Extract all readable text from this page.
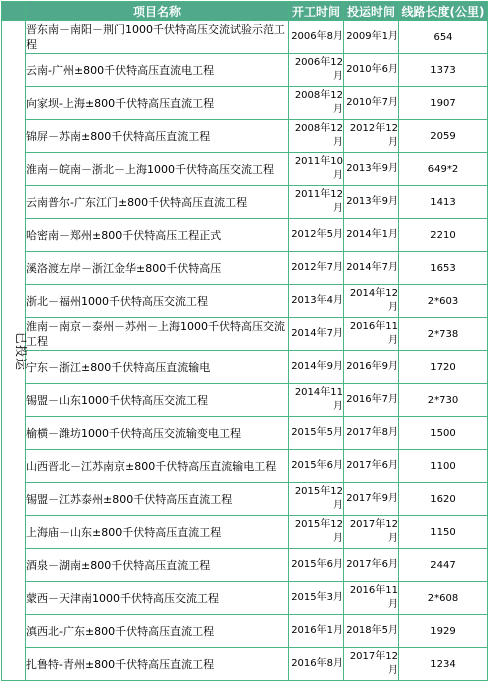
	项目名称	开工时间	投运时间	线路长度(公里)
已投运	晋东南－南阳－荆门1000千伏特高压交流试验示范工程	2006年8月	2009年1月	654
	云南-广州±800千伏特高压直流电工程	2006年12月	2010年6月	1373
	向家坝-上海±800千伏特高压直流工程	2008年12月	2010年7月	1907
	锦屏－苏南±800千伏特高压直流工程	2008年12月	2012年12月	2059
	淮南－皖南－浙北－上海1000千伏特高压交流工程	2011年10月	2013年9月	649*2
	云南普尔-广东江门±800千伏特高压直流工程	2011年12月	2013年9月	1413
	哈密南－郑州±800千伏特高压工程正式	2012年5月	2014年1月	2210
	溪洛渡左岸－浙江金华±800千伏特高压	2012年7月	2014年7月	1653
	浙北－福州1000千伏特高压交流工程	2013年4月	2014年12月	2*603
	淮南－南京－泰州－苏州－上海1000千伏特高压交流工程	2014年7月	2016年11月	2*738
	宁东－浙江±800千伏特高压直流输电	2014年9月	2016年9月	1720
	锡盟－山东1000千伏特高压交流工程	2014年11月	2016年7月	2*730
	榆横－潍坊1000千伏特高压交流输变电工程	2015年5月	2017年8月	1500
	山西晋北－江苏南京±800千伏特高压直流输电工程	2015年6月	2017年6月	1100
	锡盟－江苏泰州±800千伏特高压直流工程	2015年12月	2017年9月	1620
	上海庙－山东±800千伏特高压直流工程	2015年12月	2017年12月	1150
	酒泉－湖南±800千伏特高压直流工程	2015年6月	2017年6月	2447
	蒙西－天津南1000千伏特高压交流工程	2015年3月	2016年11月	2*608
	滇西北-广东±800千伏特高压直流工程	2016年1月	2018年5月	1929
	扎鲁特-青州±800千伏特高压直流工程	2016年8月	2017年12月	1234
